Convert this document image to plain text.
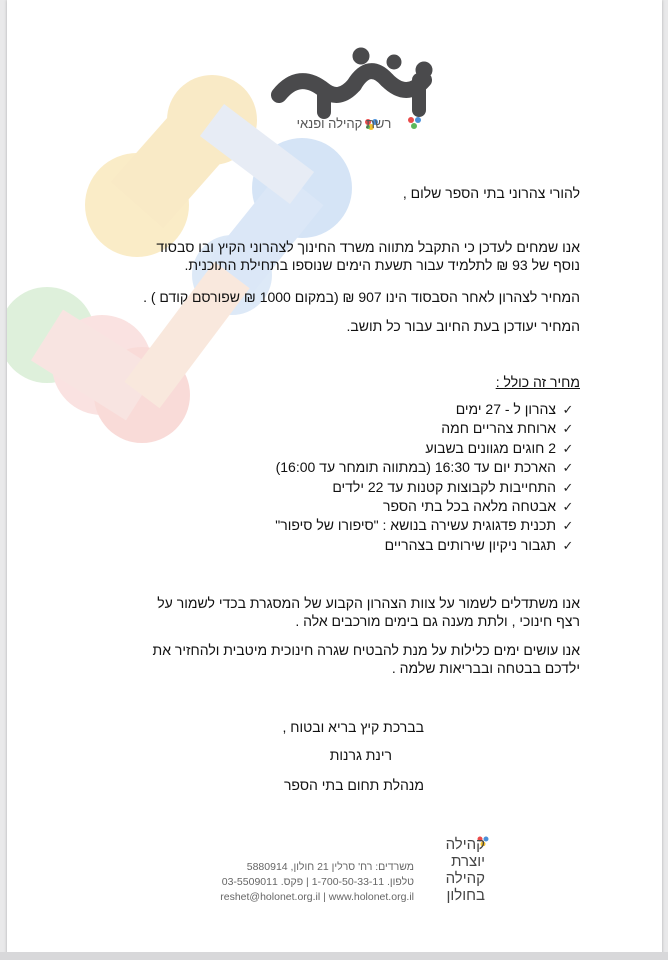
רשת קהילה ופנאי
להורי צהרוני בתי הספר שלום ,
אנו שמחים לעדכן כי התקבל מתווה משרד החינוך לצהרוני הקיץ ובו סבסוד
נוסף של 93 ₪ לתלמיד עבור תשעת הימים שנוספו בתחילת התוכנית.
המחיר לצהרון לאחר הסבסוד הינו 907 ₪ (במקום 1000 ₪ שפורסם קודם ) .
המחיר יעודכן בעת החיוב עבור כל תושב.
מחיר זה כולל :
✓צהרון ל - 27 ימים
✓ארוחת צהריים חמה
✓2 חוגים מגוונים בשבוע
✓הארכת יום עד 16:30 (במתווה תומחר עד 16:00)
✓התחייבות לקבוצות קטנות עד 22 ילדים
✓אבטחה מלאה בכל בתי הספר
✓תכנית פדגוגית עשירה בנושא : "סיפורו של סיפור"
✓תגבור ניקיון שירותים בצהריים
אנו משתדלים לשמור על צוות הצהרון הקבוע של המסגרת בכדי לשמור על
רצף חינוכי , ולתת מענה גם בימים מורכבים אלה .
אנו עושים ימים כלילות על מנת להבטיח שגרה חינוכית מיטבית ולהחזיר את
ילדכם בבטחה ובבריאות שלמה .
בברכת קיץ בריא ובטוח ,
רינת גרנות
מנהלת תחום בתי הספר
משרדים: רח' סרלין 21 חולון, 5880914
טלפון. 1-700-50-33-11 | פקס. 03-5509011
reshet@holonet.org.il | www.holonet.org.il
קהילה
יוצרת
קהילה
בחולון
